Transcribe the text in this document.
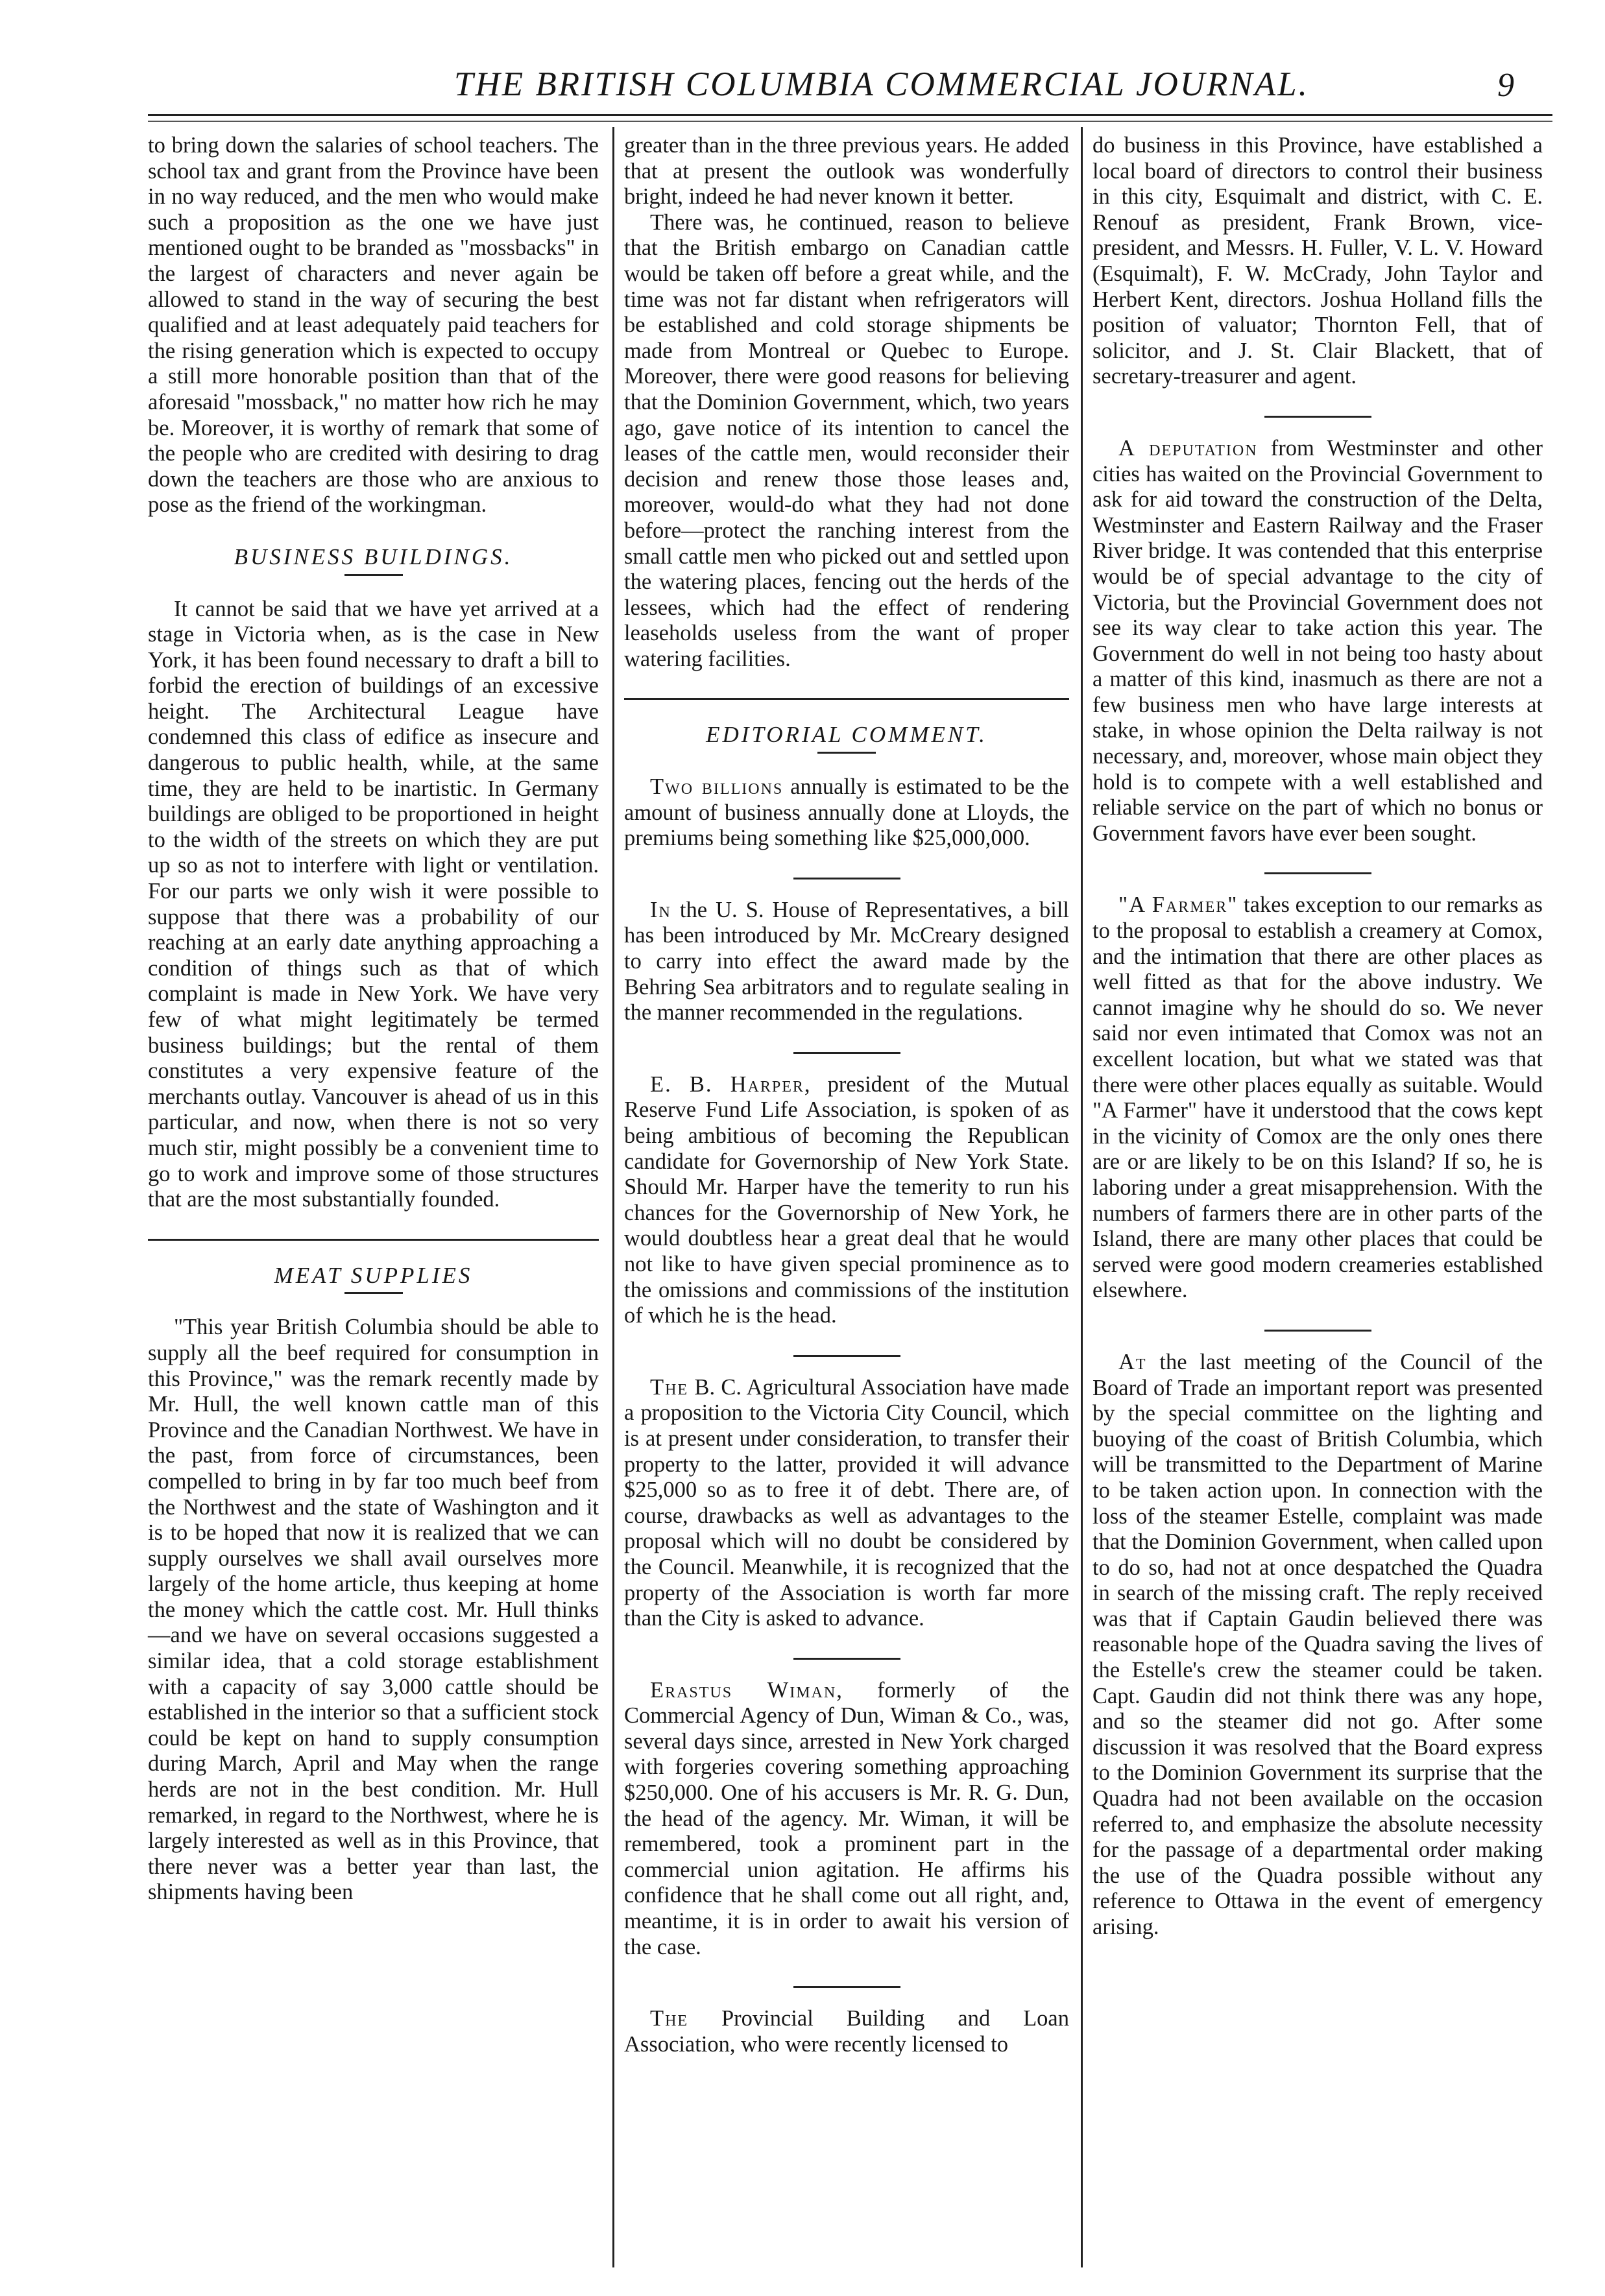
THE BRITISH COLUMBIA COMMERCIAL JOURNAL.	9

to bring down the salaries of school teachers. The school tax and grant from the Province have been in no way reduced, and the men who would make such a proposition as the one we have just mentioned ought to be branded as "mossbacks" in the largest of characters and never again be allowed to stand in the way of securing the best qualified and at least adequately paid teachers for the rising generation which is expected to occupy a still more honorable position than that of the aforesaid "mossback," no matter how rich he may be. Moreover, it is worthy of remark that some of the people who are credited with desiring to drag down the teachers are those who are anxious to pose as the friend of the workingman.

BUSINESS BUILDINGS.

It cannot be said that we have yet arrived at a stage in Victoria when, as is the case in New York, it has been found necessary to draft a bill to forbid the erection of buildings of an excessive height. The Architectural League have condemned this class of edifice as insecure and dangerous to public health, while, at the same time, they are held to be inartistic. In Germany buildings are obliged to be proportioned in height to the width of the streets on which they are put up so as not to interfere with light or ventilation. For our parts we only wish it were possible to suppose that there was a probability of our reaching at an early date anything approaching a condition of things such as that of which complaint is made in New York. We have very few of what might legitimately be termed business buildings; but the rental of them constitutes a very expensive feature of the merchants outlay. Vancouver is ahead of us in this particular, and now, when there is not so very much stir, might possibly be a convenient time to go to work and improve some of those structures that are the most substantially founded.

MEAT SUPPLIES

"This year British Columbia should be able to supply all the beef required for consumption in this Province," was the remark recently made by Mr. Hull, the well known cattle man of this Province and the Canadian Northwest. We have in the past, from force of circumstances, been compelled to bring in by far too much beef from the Northwest and the state of Washington and it is to be hoped that now it is realized that we can supply ourselves we shall avail ourselves more largely of the home article, thus keeping at home the money which the cattle cost. Mr. Hull thinks—and we have on several occasions suggested a similar idea, that a cold storage establishment with a capacity of say 3,000 cattle should be established in the interior so that a sufficient stock could be kept on hand to supply consumption during March, April and May when the range herds are not in the best condition. Mr. Hull remarked, in regard to the Northwest, where he is largely interested as well as in this Province, that there never was a better year than last, the shipments having been

greater than in the three previous years. He added that at present the outlook was wonderfully bright, indeed he had never known it better.

There was, he continued, reason to believe that the British embargo on Canadian cattle would be taken off before a great while, and the time was not far distant when refrigerators will be established and cold storage shipments be made from Montreal or Quebec to Europe. Moreover, there were good reasons for believing that the Dominion Government, which, two years ago, gave notice of its intention to cancel the leases of the cattle men, would reconsider their decision and renew those those leases and, moreover, would-do what they had not done before—protect the ranching interest from the small cattle men who picked out and settled upon the watering places, fencing out the herds of the lessees, which had the effect of rendering leaseholds useless from the want of proper watering facilities.

EDITORIAL COMMENT.

Two billions annually is estimated to be the amount of business annually done at Lloyds, the premiums being something like $25,000,000.

In the U. S. House of Representatives, a bill has been introduced by Mr. McCreary designed to carry into effect the award made by the Behring Sea arbitrators and to regulate sealing in the manner recommended in the regulations.

E. B. Harper, president of the Mutual Reserve Fund Life Association, is spoken of as being ambitious of becoming the Republican candidate for Governorship of New York State. Should Mr. Harper have the temerity to run his chances for the Governorship of New York, he would doubtless hear a great deal that he would not like to have given special prominence as to the omissions and commissions of the institution of which he is the head.

The B. C. Agricultural Association have made a proposition to the Victoria City Council, which is at present under consideration, to transfer their property to the latter, provided it will advance $25,000 so as to free it of debt. There are, of course, drawbacks as well as advantages to the proposal which will no doubt be considered by the Council. Meanwhile, it is recognized that the property of the Association is worth far more than the City is asked to advance.

Erastus Wiman, formerly of the Commercial Agency of Dun, Wiman & Co., was, several days since, arrested in New York charged with forgeries covering something approaching $250,000. One of his accusers is Mr. R. G. Dun, the head of the agency. Mr. Wiman, it will be remembered, took a prominent part in the commercial union agitation. He affirms his confidence that he shall come out all right, and, meantime, it is in order to await his version of the case.

The Provincial Building and Loan Association, who were recently licensed to

do business in this Province, have established a local board of directors to control their business in this city, Esquimalt and district, with C. E. Renouf as president, Frank Brown, vice-president, and Messrs. H. Fuller, V. L. V. Howard (Esquimalt), F. W. McCrady, John Taylor and Herbert Kent, directors. Joshua Holland fills the position of valuator; Thornton Fell, that of solicitor, and J. St. Clair Blackett, that of secretary-treasurer and agent.

A deputation from Westminster and other cities has waited on the Provincial Government to ask for aid toward the construction of the Delta, Westminster and Eastern Railway and the Fraser River bridge. It was contended that this enterprise would be of special advantage to the city of Victoria, but the Provincial Government does not see its way clear to take action this year. The Government do well in not being too hasty about a matter of this kind, inasmuch as there are not a few business men who have large interests at stake, in whose opinion the Delta railway is not necessary, and, moreover, whose main object they hold is to compete with a well established and reliable service on the part of which no bonus or Government favors have ever been sought.

"A Farmer" takes exception to our remarks as to the proposal to establish a creamery at Comox, and the intimation that there are other places as well fitted as that for the above industry. We cannot imagine why he should do so. We never said nor even intimated that Comox was not an excellent location, but what we stated was that there were other places equally as suitable. Would "A Farmer" have it understood that the cows kept in the vicinity of Comox are the only ones there are or are likely to be on this Island? If so, he is laboring under a great misapprehension. With the numbers of farmers there are in other parts of the Island, there are many other places that could be served were good modern creameries established elsewhere.

At the last meeting of the Council of the Board of Trade an important report was presented by the special committee on the lighting and buoying of the coast of British Columbia, which will be transmitted to the Department of Marine to be taken action upon. In connection with the loss of the steamer Estelle, complaint was made that the Dominion Government, when called upon to do so, had not at once despatched the Quadra in search of the missing craft. The reply received was that if Captain Gaudin believed there was reasonable hope of the Quadra saving the lives of the Estelle's crew the steamer could be taken. Capt. Gaudin did not think there was any hope, and so the steamer did not go. After some discussion it was resolved that the Board express to the Dominion Government its surprise that the Quadra had not been available on the occasion referred to, and emphasize the absolute necessity for the passage of a departmental order making the use of the Quadra possible without any reference to Ottawa in the event of emergency arising.
